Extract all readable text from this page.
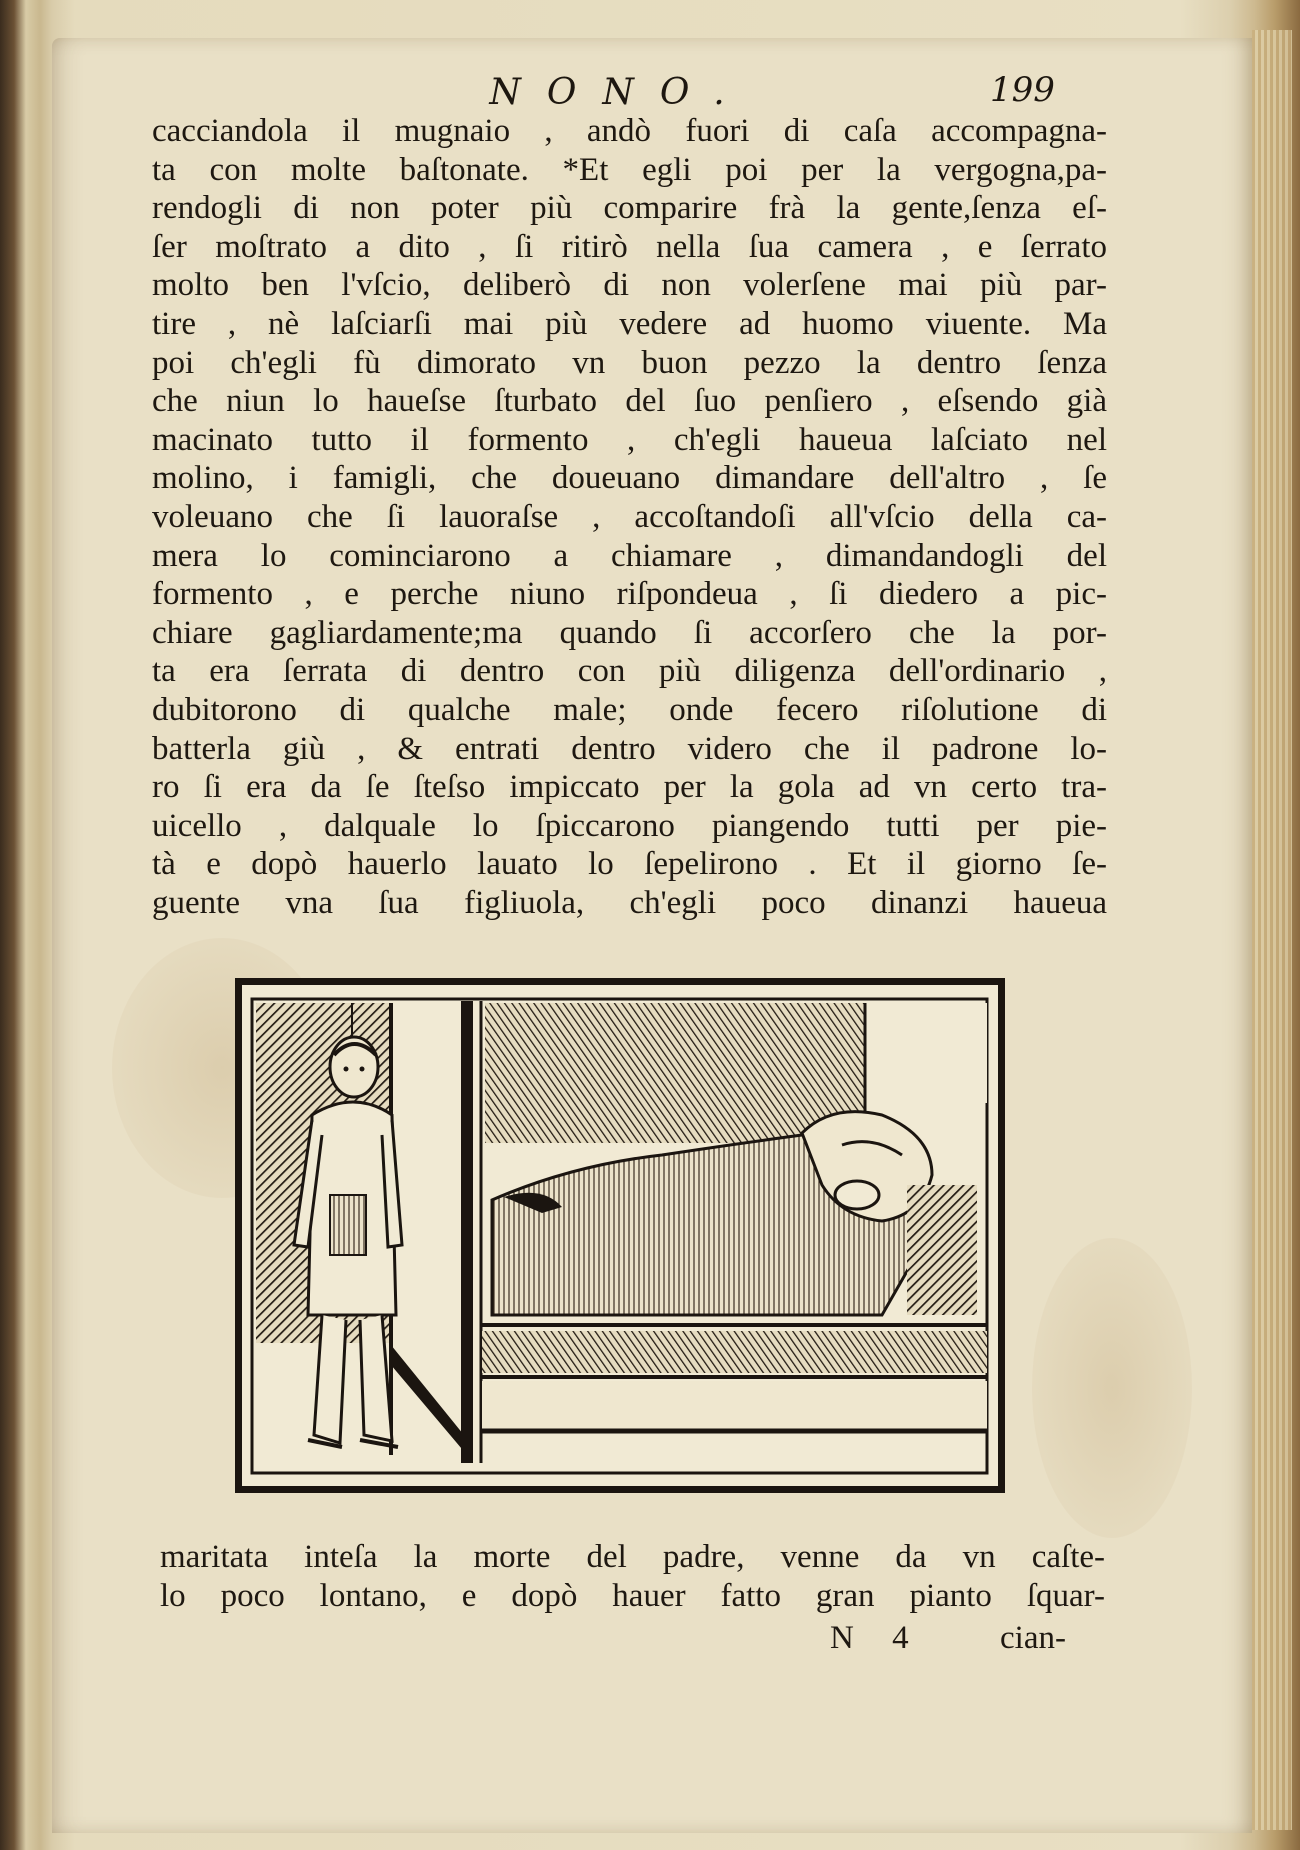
NONO.	199
cacciandola il mugnaio , andò fuori di caſa accompagna-
ta con molte baſtonate. *Et egli poi per la vergogna,pa-
rendogli di non poter più comparire frà la gente,ſenza eſ-
ſer moſtrato a dito , ſi ritirò nella ſua camera , e ſerrato
molto ben l'vſcio, deliberò di non volerſene mai più par-
tire , nè laſciarſi mai più vedere ad huomo viuente. Ma
poi ch'egli fù dimorato vn buon pezzo la dentro ſenza
che niun lo haueſse ſturbato del ſuo penſiero , eſsendo già
macinato tutto il formento , ch'egli haueua laſciato nel
molino, i famigli, che doueuano dimandare dell'altro , ſe
voleuano che ſi lauoraſse , accoſtandoſi all'vſcio della ca-
mera lo cominciarono a chiamare , dimandandogli del
formento , e perche niuno riſpondeua , ſi diedero a pic-
chiare gagliardamente;ma quando ſi accorſero che la por-
ta era ſerrata di dentro con più diligenza dell'ordinario ,
dubitorono di qualche male; onde fecero riſolutione di
batterla giù , & entrati dentro videro che il padrone lo-
ro ſi era da ſe ſteſso impiccato per la gola ad vn certo tra-
uicello , dalquale lo ſpiccarono piangendo tutti per pie-
tà e dopò hauerlo lauato lo ſepelirono . Et il giorno ſe-
guente vna ſua figliuola, ch'egli poco dinanzi haueua
maritata inteſa la morte del padre, venne da vn caſte-
lo poco lontano, e dopò hauer fatto gran pianto ſquar-
N 4	cian-
